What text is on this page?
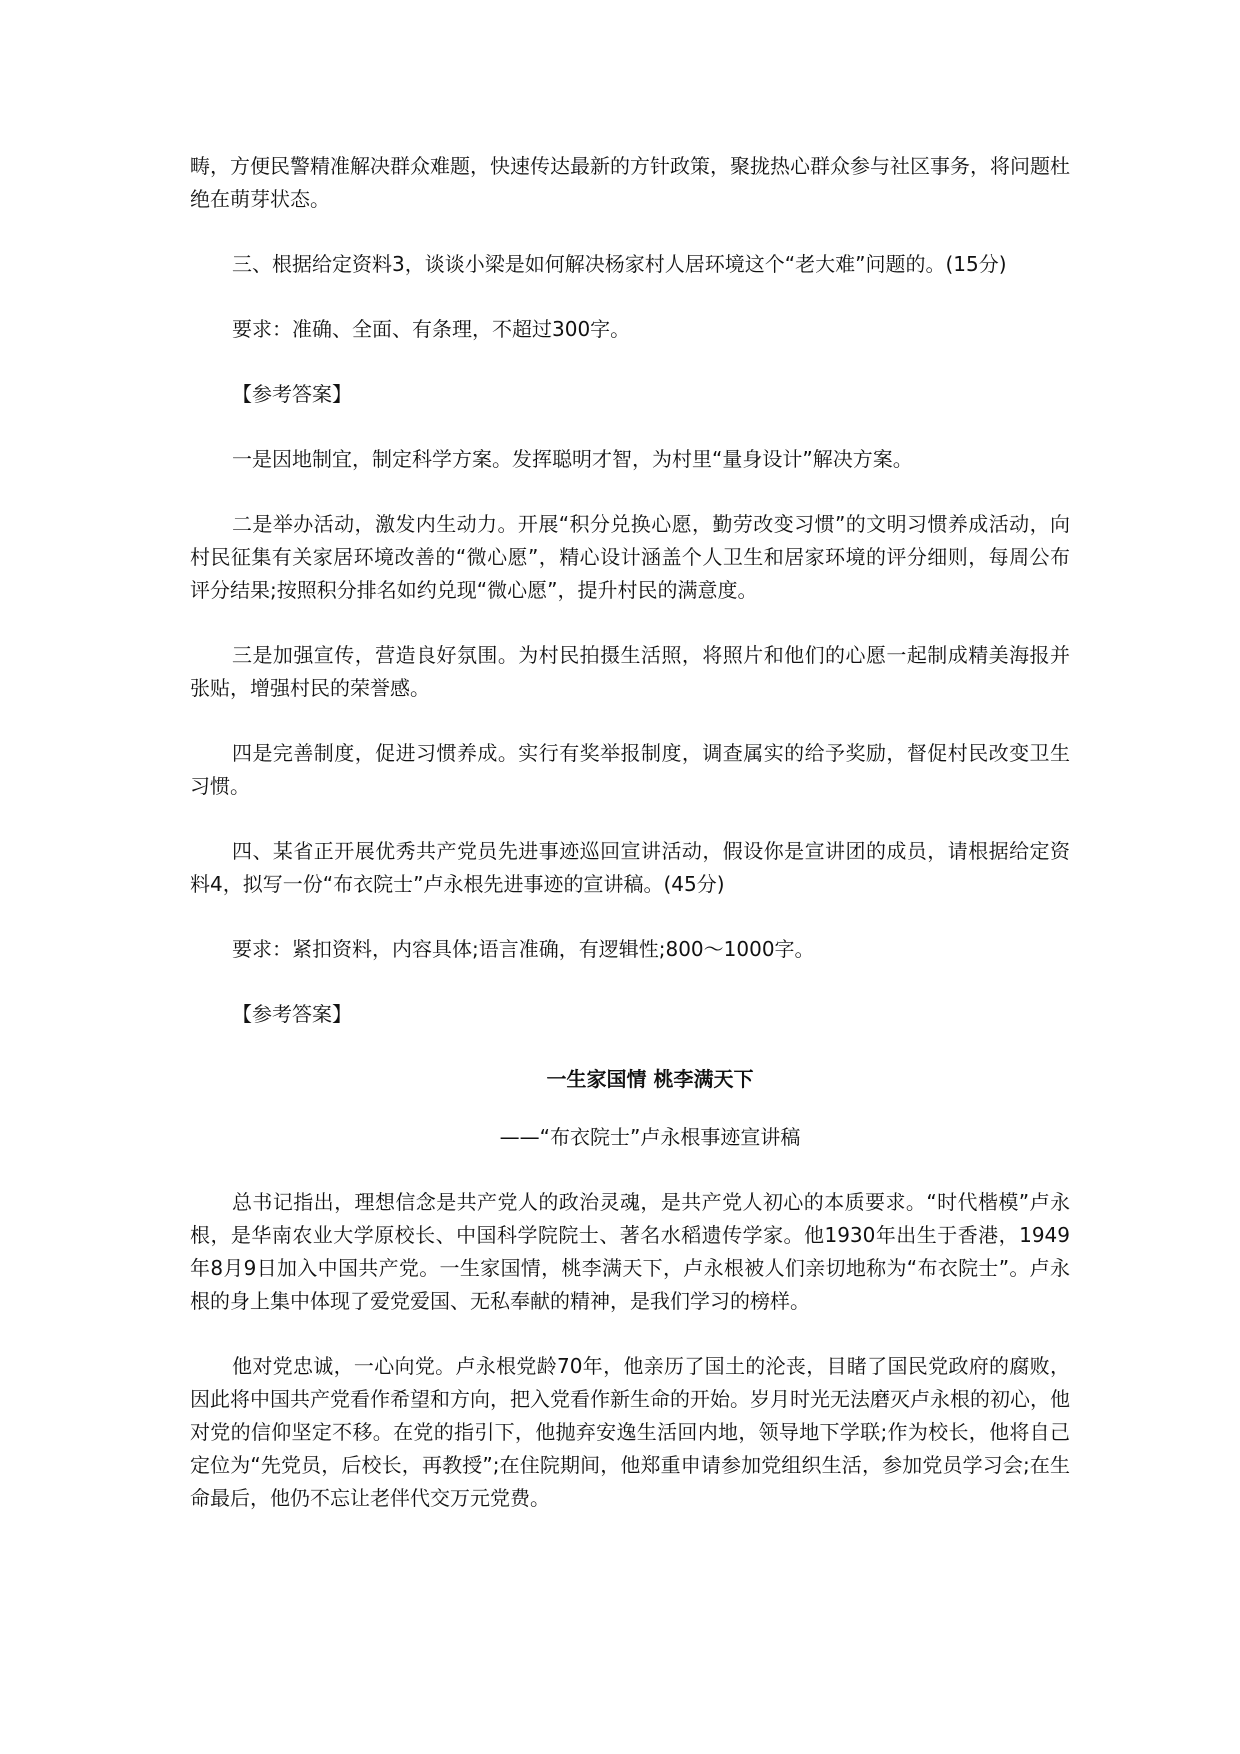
畴，方便民警精准解决群众难题，快速传达最新的方针政策，聚拢热心群众参与社区事务，将问题杜绝在萌芽状态。

三、根据给定资料3，谈谈小梁是如何解决杨家村人居环境这个“老大难”问题的。(15分)

要求：准确、全面、有条理，不超过300字。

【参考答案】

一是因地制宜，制定科学方案。发挥聪明才智，为村里“量身设计”解决方案。

二是举办活动，激发内生动力。开展“积分兑换心愿，勤劳改变习惯”的文明习惯养成活动，向村民征集有关家居环境改善的“微心愿”，精心设计涵盖个人卫生和居家环境的评分细则，每周公布评分结果;按照积分排名如约兑现“微心愿”，提升村民的满意度。

三是加强宣传，营造良好氛围。为村民拍摄生活照，将照片和他们的心愿一起制成精美海报并张贴，增强村民的荣誉感。

四是完善制度，促进习惯养成。实行有奖举报制度，调查属实的给予奖励，督促村民改变卫生习惯。

四、某省正开展优秀共产党员先进事迹巡回宣讲活动，假设你是宣讲团的成员，请根据给定资料4，拟写一份“布衣院士”卢永根先进事迹的宣讲稿。(45分)

要求：紧扣资料，内容具体;语言准确，有逻辑性;800～1000字。

【参考答案】

一生家国情 桃李满天下

——“布衣院士”卢永根事迹宣讲稿

总书记指出，理想信念是共产党人的政治灵魂，是共产党人初心的本质要求。“时代楷模”卢永根，是华南农业大学原校长、中国科学院院士、著名水稻遗传学家。他1930年出生于香港，1949年8月9日加入中国共产党。一生家国情，桃李满天下，卢永根被人们亲切地称为“布衣院士”。卢永根的身上集中体现了爱党爱国、无私奉献的精神，是我们学习的榜样。

他对党忠诚，一心向党。卢永根党龄70年，他亲历了国土的沦丧，目睹了国民党政府的腐败，因此将中国共产党看作希望和方向，把入党看作新生命的开始。岁月时光无法磨灭卢永根的初心，他对党的信仰坚定不移。在党的指引下，他抛弃安逸生活回内地，领导地下学联;作为校长，他将自己定位为“先党员，后校长，再教授”;在住院期间，他郑重申请参加党组织生活，参加党员学习会;在生命最后，他仍不忘让老伴代交万元党费。
